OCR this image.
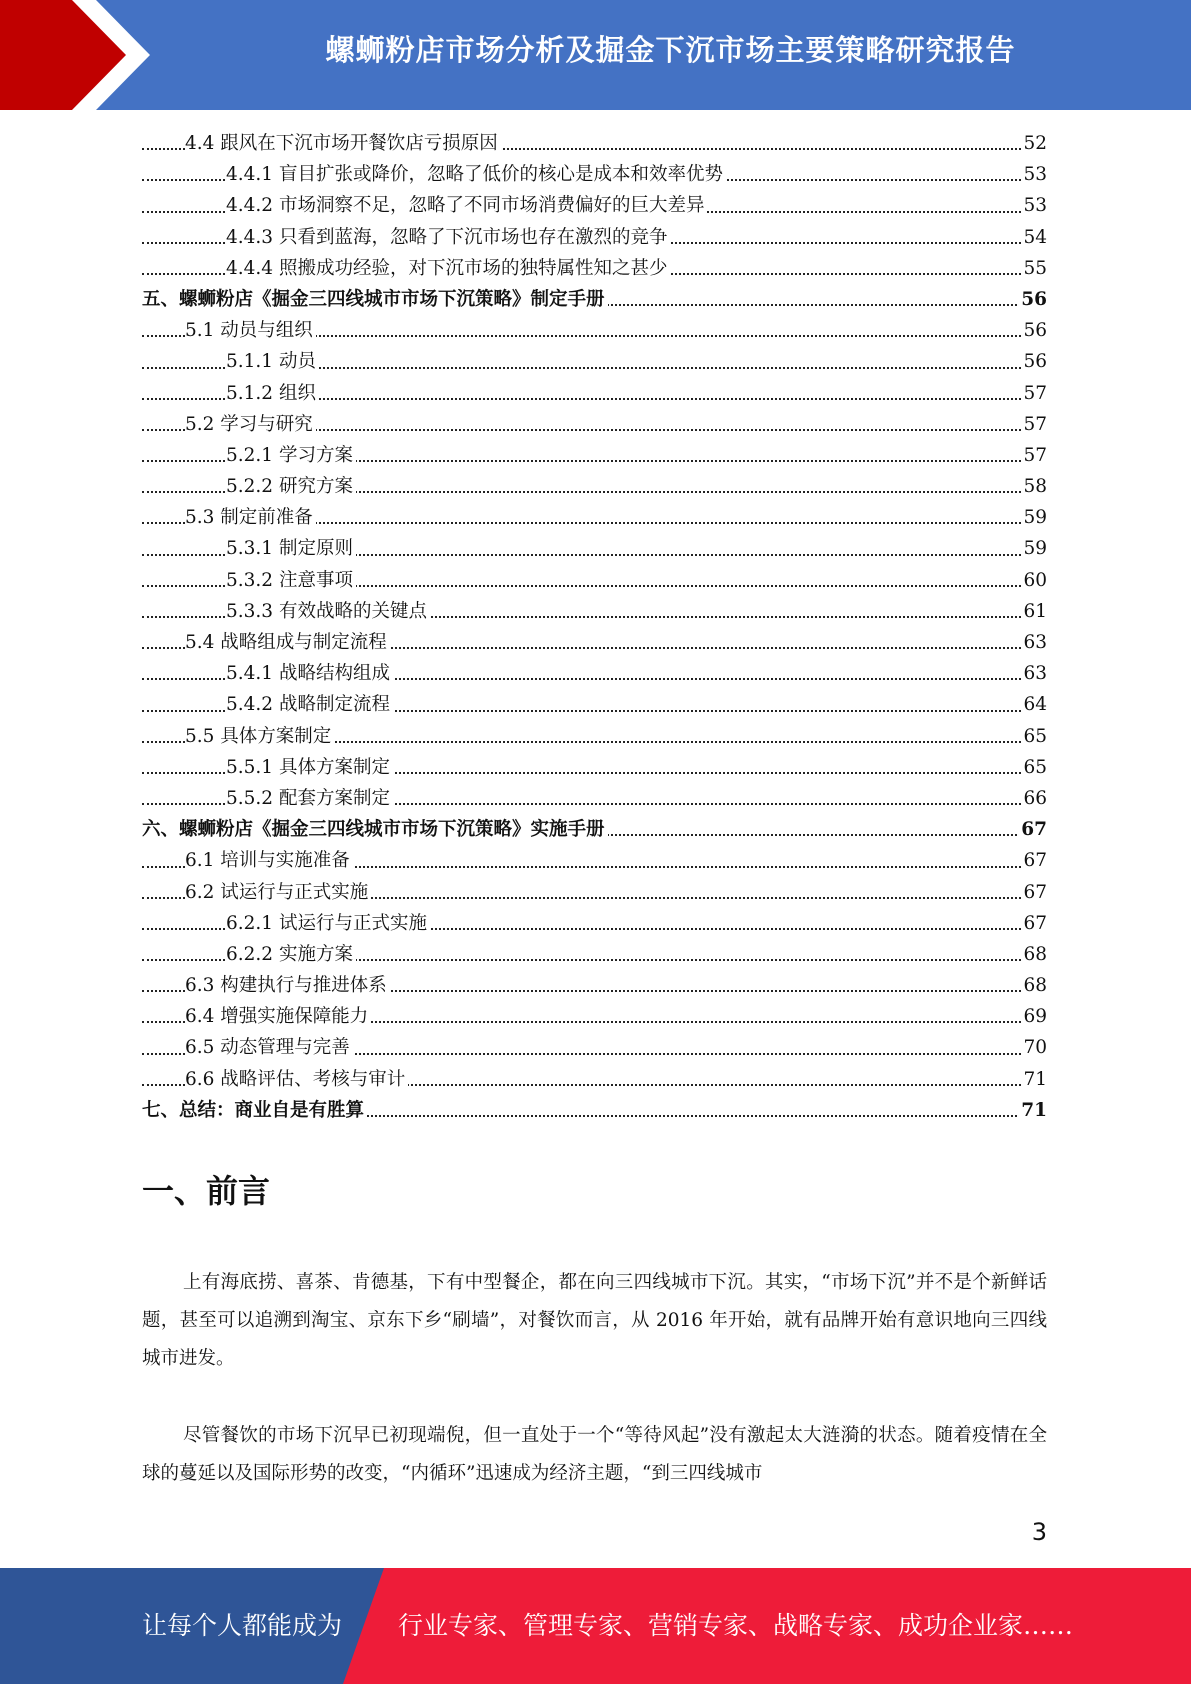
螺蛳粉店市场分析及掘金下沉市场主要策略研究报告
4.4 跟风在下沉市场开餐饮店亏损原因	52
4.4.1 盲目扩张或降价，忽略了低价的核心是成本和效率优势	53
4.4.2 市场洞察不足，忽略了不同市场消费偏好的巨大差异	53
4.4.3 只看到蓝海，忽略了下沉市场也存在激烈的竞争	54
4.4.4 照搬成功经验，对下沉市场的独特属性知之甚少	55
五、螺蛳粉店《掘金三四线城市市场下沉策略》制定手册	56
5.1 动员与组织	56
5.1.1 动员	56
5.1.2 组织	57
5.2 学习与研究	57
5.2.1 学习方案	57
5.2.2 研究方案	58
5.3 制定前准备	59
5.3.1 制定原则	59
5.3.2 注意事项	60
5.3.3 有效战略的关键点	61
5.4 战略组成与制定流程	63
5.4.1 战略结构组成	63
5.4.2 战略制定流程	64
5.5 具体方案制定	65
5.5.1 具体方案制定	65
5.5.2 配套方案制定	66
六、螺蛳粉店《掘金三四线城市市场下沉策略》实施手册	67
6.1 培训与实施准备	67
6.2 试运行与正式实施	67
6.2.1 试运行与正式实施	67
6.2.2 实施方案	68
6.3 构建执行与推进体系	68
6.4 增强实施保障能力	69
6.5 动态管理与完善	70
6.6 战略评估、考核与审计	71
七、总结：商业自是有胜算	71
一、前言
上有海底捞、喜茶、肯德基，下有中型餐企，都在向三四线城市下沉。其实，“市场下沉”并不是个新鲜话题，甚至可以追溯到淘宝、京东下乡“刷墙”，对餐饮而言，从 2016 年开始，就有品牌开始有意识地向三四线城市进发。
尽管餐饮的市场下沉早已初现端倪，但一直处于一个“等待风起”没有激起太大涟漪的状态。随着疫情在全球的蔓延以及国际形势的改变，“内循环”迅速成为经济主题，“到三四线城市
3
让每个人都能成为 行业专家、管理专家、营销专家、战略专家、成功企业家……
